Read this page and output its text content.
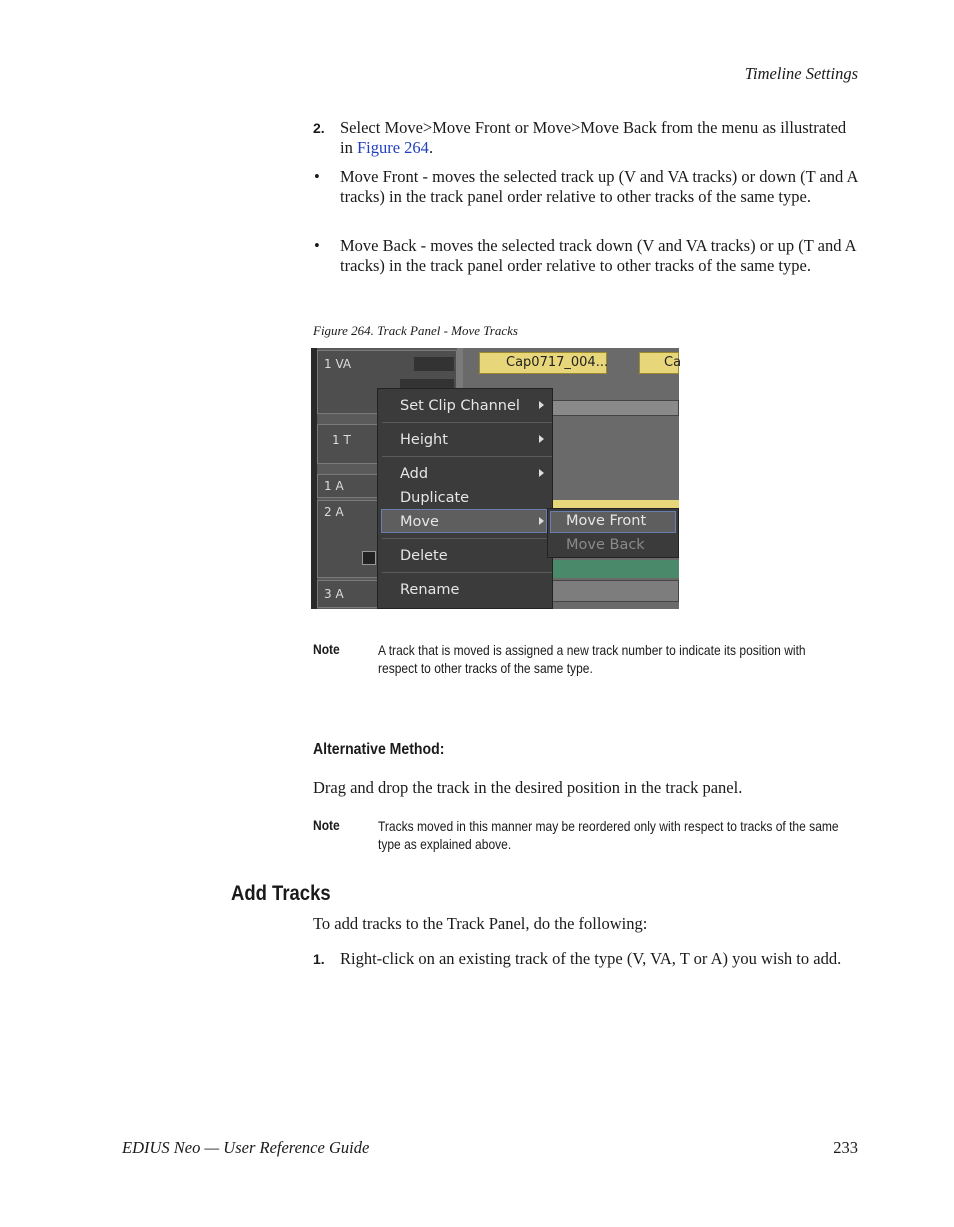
Timeline Settings
2. Select Move>Move Front or Move>Move Back from the menu as illustrated in Figure 264.
• Move Front - moves the selected track up (V and VA tracks) or down (T and A tracks) in the track panel order relative to other tracks of the same type.
• Move Back - moves the selected track down (V and VA tracks) or up (T and A tracks) in the track panel order relative to other tracks of the same type.
Figure 264. Track Panel - Move Tracks
1 VA
1 T
1 A
2 A
3 A
Cap0717_004...	Ca
Set Clip Channel
Height
Add
Duplicate
Move
Delete
Rename
Move Front
Move Back
Note	A track that is moved is assigned a new track number to indicate its position with respect to other tracks of the same type.
Alternative Method:
Drag and drop the track in the desired position in the track panel.
Note	Tracks moved in this manner may be reordered only with respect to tracks of the same type as explained above.
Add Tracks
To add tracks to the Track Panel, do the following:
1. Right-click on an existing track of the type (V, VA, T or A) you wish to add.
EDIUS Neo — User Reference Guide	233
